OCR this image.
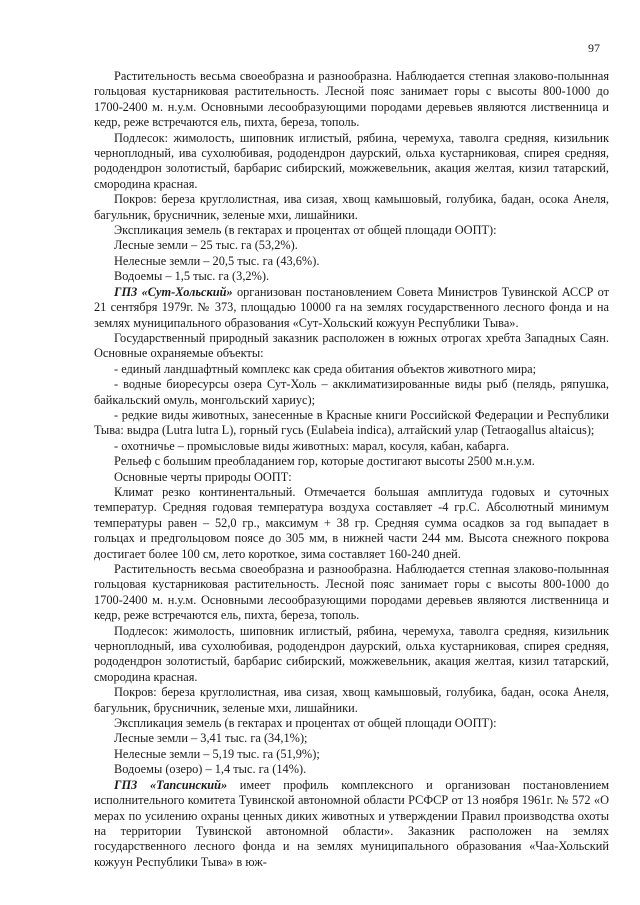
97

Растительность весьма своеобразна и разнообразна. Наблюдается степная злаково-полынная гольцовая кустарниковая растительность. Лесной пояс занимает горы с высоты 800-1000 до 1700-2400 м. н.у.м. Основными лесообразующими породами деревьев являются лиственница и кедр, реже встречаются ель, пихта, береза, тополь.

Подлесок: жимолость, шиповник иглистый, рябина, черемуха, таволга средняя, кизильник черноплодный, ива сухолюбивая, рододендрон даурский, ольха кустарниковая, спирея средняя, рододендрон золотистый, барбарис сибирский, можжевельник, акация желтая, кизил татарский, смородина красная.

Покров: береза круглолистная, ива сизая, хвощ камышовый, голубика, бадан, осока Анеля, багульник, брусничник, зеленые мхи, лишайники.

Экспликация земель (в гектарах и процентах от общей площади ООПТ):

Лесные земли – 25 тыс. га (53,2%).

Нелесные земли – 20,5 тыс. га (43,6%).

Водоемы – 1,5 тыс. га (3,2%).

ГПЗ «Сут-Хольский» организован постановлением Совета Министров Тувинской АССР от 21 сентября 1979г. № 373, площадью 10000 га на землях государственного лесного фонда и на землях муниципального образования «Сут-Хольский кожуун Республики Тыва».

Государственный природный заказник расположен в южных отрогах хребта Западных Саян. Основные охраняемые объекты:

- единый ландшафтный комплекс как среда обитания объектов животного мира;

- водные биоресурсы озера Сут-Холь – акклиматизированные виды рыб (пелядь, ряпушка, байкальский омуль, монгольский хариус);

- редкие виды животных, занесенные в Красные книги Российской Федерации и Республики Тыва: выдра (Lutra lutra L), горный гусь (Eulabeia indica), алтайский улар (Tetraogallus altaicus);

- охотничье – промысловые виды животных: марал, косуля, кабан, кабарга.

Рельеф с большим преобладанием гор, которые достигают высоты 2500 м.н.у.м.

Основные черты природы ООПТ:

Климат резко континентальный. Отмечается большая амплитуда годовых и суточных температур. Средняя годовая температура воздуха составляет -4 гр.С. Абсолютный минимум температуры равен – 52,0 гр., максимум + 38 гр. Средняя сумма осадков за год выпадает в гольцах и предгольцовом поясе до 305 мм, в нижней части 244 мм. Высота снежного покрова достигает более 100 см, лето короткое, зима составляет 160-240 дней.

Растительность весьма своеобразна и разнообразна. Наблюдается степная злаково-полынная гольцовая кустарниковая растительность. Лесной пояс занимает горы с высоты 800-1000 до 1700-2400 м. н.у.м. Основными лесообразующими породами деревьев являются лиственница и кедр, реже встречаются ель, пихта, береза, тополь.

Подлесок: жимолость, шиповник иглистый, рябина, черемуха, таволга средняя, кизильник черноплодный, ива сухолюбивая, рододендрон даурский, ольха кустарниковая, спирея средняя, рододендрон золотистый, барбарис сибирский, можжевельник, акация желтая, кизил татарский, смородина красная.

Покров: береза круглолистная, ива сизая, хвощ камышовый, голубика, бадан, осока Анеля, багульник, брусничник, зеленые мхи, лишайники.

Экспликация земель (в гектарах и процентах от общей площади ООПТ):

Лесные земли – 3,41 тыс. га (34,1%);

Нелесные земли – 5,19 тыс. га (51,9%);

Водоемы (озеро) – 1,4 тыс. га (14%).

ГПЗ «Тапсинский» имеет профиль комплексного и организован постановлением исполнительного комитета Тувинской автономной области РСФСР от 13 ноября 1961г. № 572 «О мерах по усилению охраны ценных диких животных и утверждении Правил производства охоты на территории Тувинской автономной области». Заказник расположен на землях государственного лесного фонда и на землях муниципального образования «Чаа-Хольский кожуун Республики Тыва» в юж-
